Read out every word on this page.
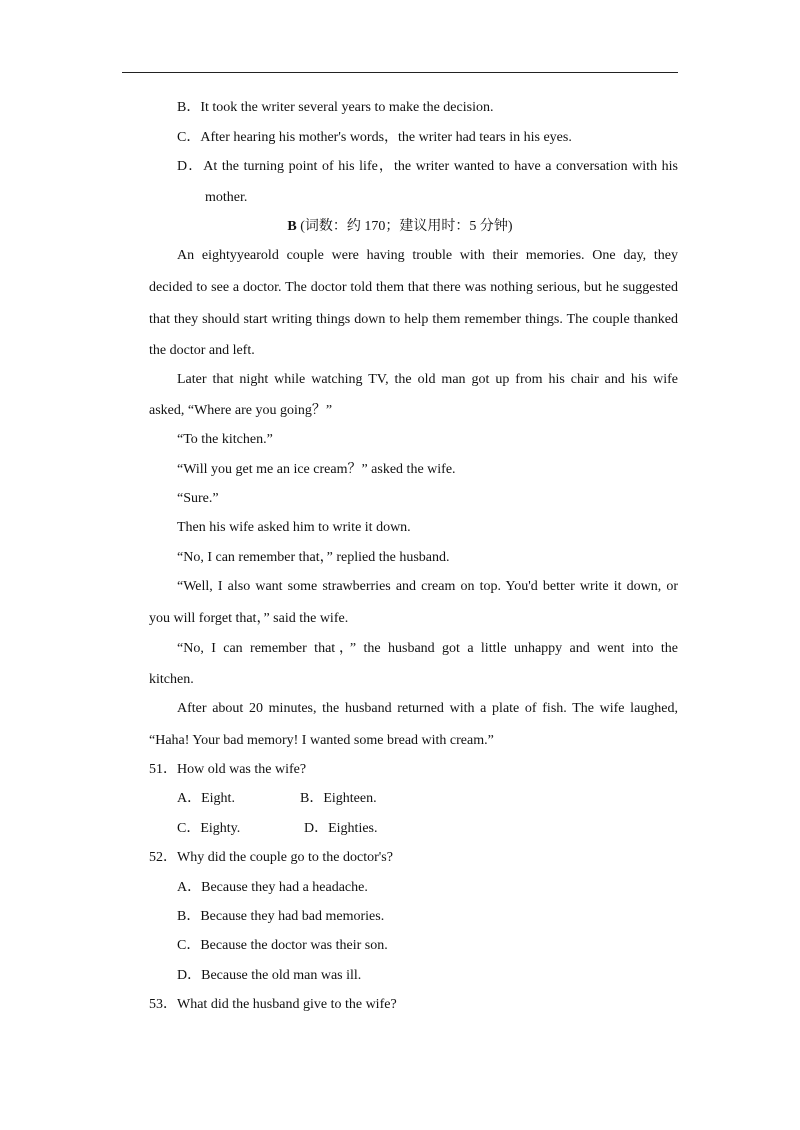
B．It took the writer several years to make the decision.
C．After hearing his mother's words，the writer had tears in his eyes.
D．At the turning point of his life，the writer wanted to have a conversation with his
mother.
B (词数：约 170；建议用时：5 分钟)
An eightyyearold couple were having trouble with their memories. One day, they
decided to see a doctor. The doctor told them that there was nothing serious, but he suggested
that they should start writing things down to help them remember things. The couple thanked
the doctor and left.
Later that night while watching TV, the old man got up from his chair and his wife
asked, “Where are you going？”
“To the kitchen.”
“Will you get me an ice cream？” asked the wife.
“Sure.”
Then his wife asked him to write it down.
“No, I can remember that，” replied the husband.
“Well, I also want some strawberries and cream on top. You'd better write it down, or
you will forget that，” said the wife.
“No, I can remember that，” the husband got a little unhappy and went into the
kitchen.
After about 20 minutes, the husband returned with a plate of fish. The wife laughed,
“Haha! Your bad memory! I wanted some bread with cream.”
51．How old was the wife?
A．Eight.	B．Eighteen.
C．Eighty.	D．Eighties.
52．Why did the couple go to the doctor's?
A．Because they had a headache.
B．Because they had bad memories.
C．Because the doctor was their son.
D．Because the old man was ill.
53．What did the husband give to the wife?
